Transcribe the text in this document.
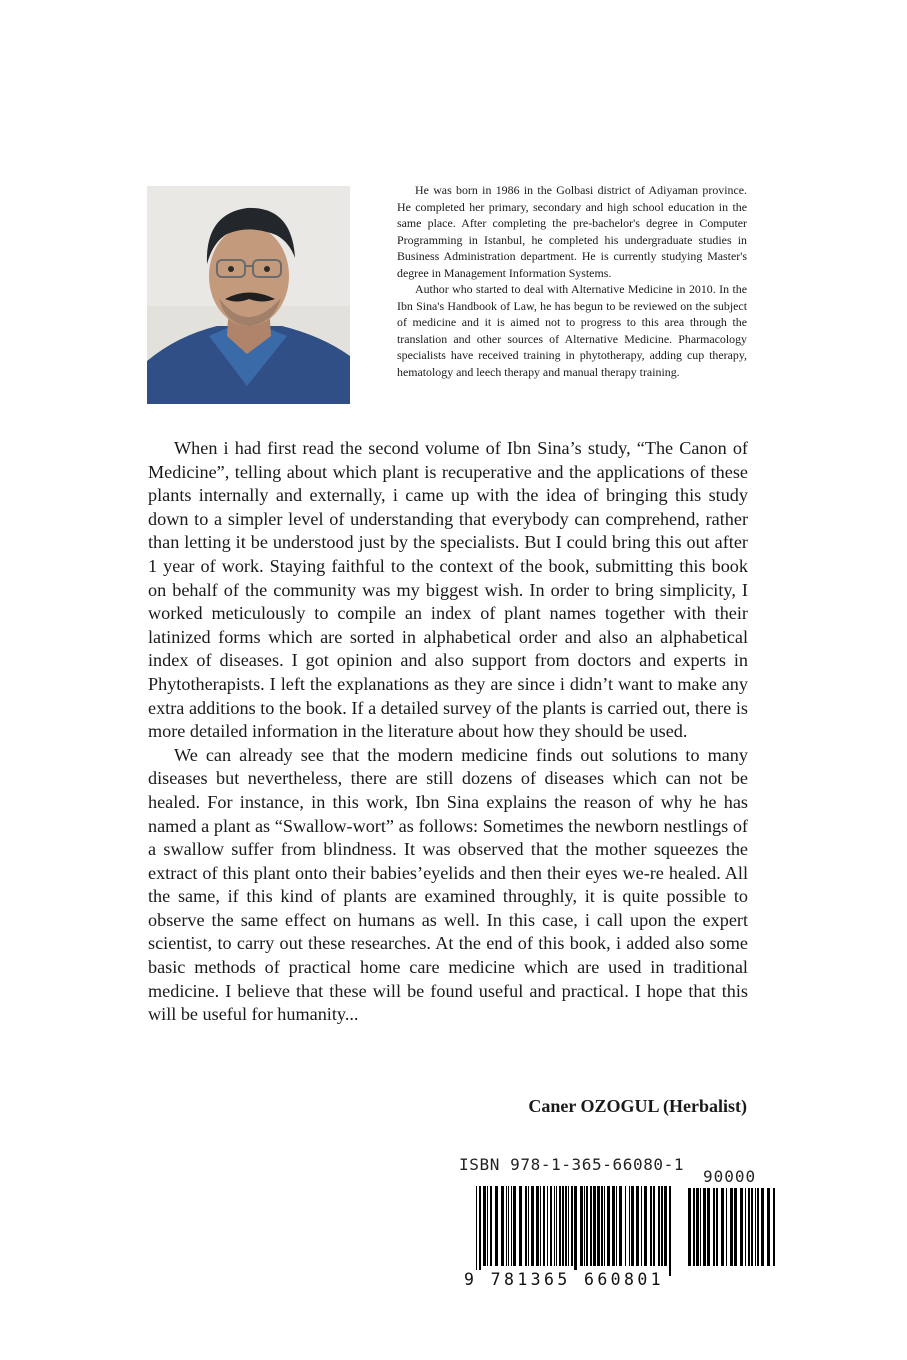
He was born in 1986 in the Golbasi district of Adiyaman province. He completed her primary, secondary and high school education in the same place. After completing the pre-bachelor's degree in Computer Programming in Istanbul, he completed his undergraduate studies in Business Administration department. He is currently studying Master's degree in Management Information Systems.

Author who started to deal with Alternative Medicine in 2010. In the Ibn Sina's Handbook of Law, he has begun to be reviewed on the subject of medicine and it is aimed not to progress to this area through the translation and other sources of Alternative Medicine. Pharmacology specialists have received training in phytotherapy, adding cup therapy, hematology and leech therapy and manual therapy training.

When i had first read the second volume of Ibn Sina’s study, “The Canon of Medicine”, telling about which plant is recuperative and the applications of these plants internally and externally, i came up with the idea of bringing this study down to a simpler level of understanding that everybody can comprehend, rather than letting it be understood just by the specialists. But I could bring this out after 1 year of work. Staying faithful to the context of the book, submitting this book on behalf of the community was my biggest wish. In order to bring simplicity, I worked meticulously to compile an index of plant names together with their latinized forms which are sorted in alphabetical order and also an alphabetical index of diseases. I got opinion and also support from doctors and experts in Phytotherapists. I left the explanations as they are since i didn’t want to make any extra additions to the book. If a detailed survey of the plants is carried out, there is more detailed information in the literature about how they should be used.

We can already see that the modern medicine finds out solutions to many diseases but nevertheless, there are still dozens of diseases which can not be healed. For instance, in this work, Ibn Sina explains the reason of why he has named a plant as “Swallow-wort” as follows: Sometimes the newborn nestlings of a swallow suffer from blindness. It was observed that the mother squeezes the extract of this plant onto their babies’eyelids and then their eyes we-re healed. All the same, if this kind of plants are examined throughly, it is quite possible to observe the same effect on humans as well. In this case, i call upon the expert scientist, to carry out these researches. At the end of this book, i added also some basic methods of practical home care medicine which are used in traditional medicine. I believe that these will be found useful and practical. I hope that this will be useful for humanity...

Caner OZOGUL (Herbalist)
ISBN 978-1-365-66080-1
90000
9 781365 660801
